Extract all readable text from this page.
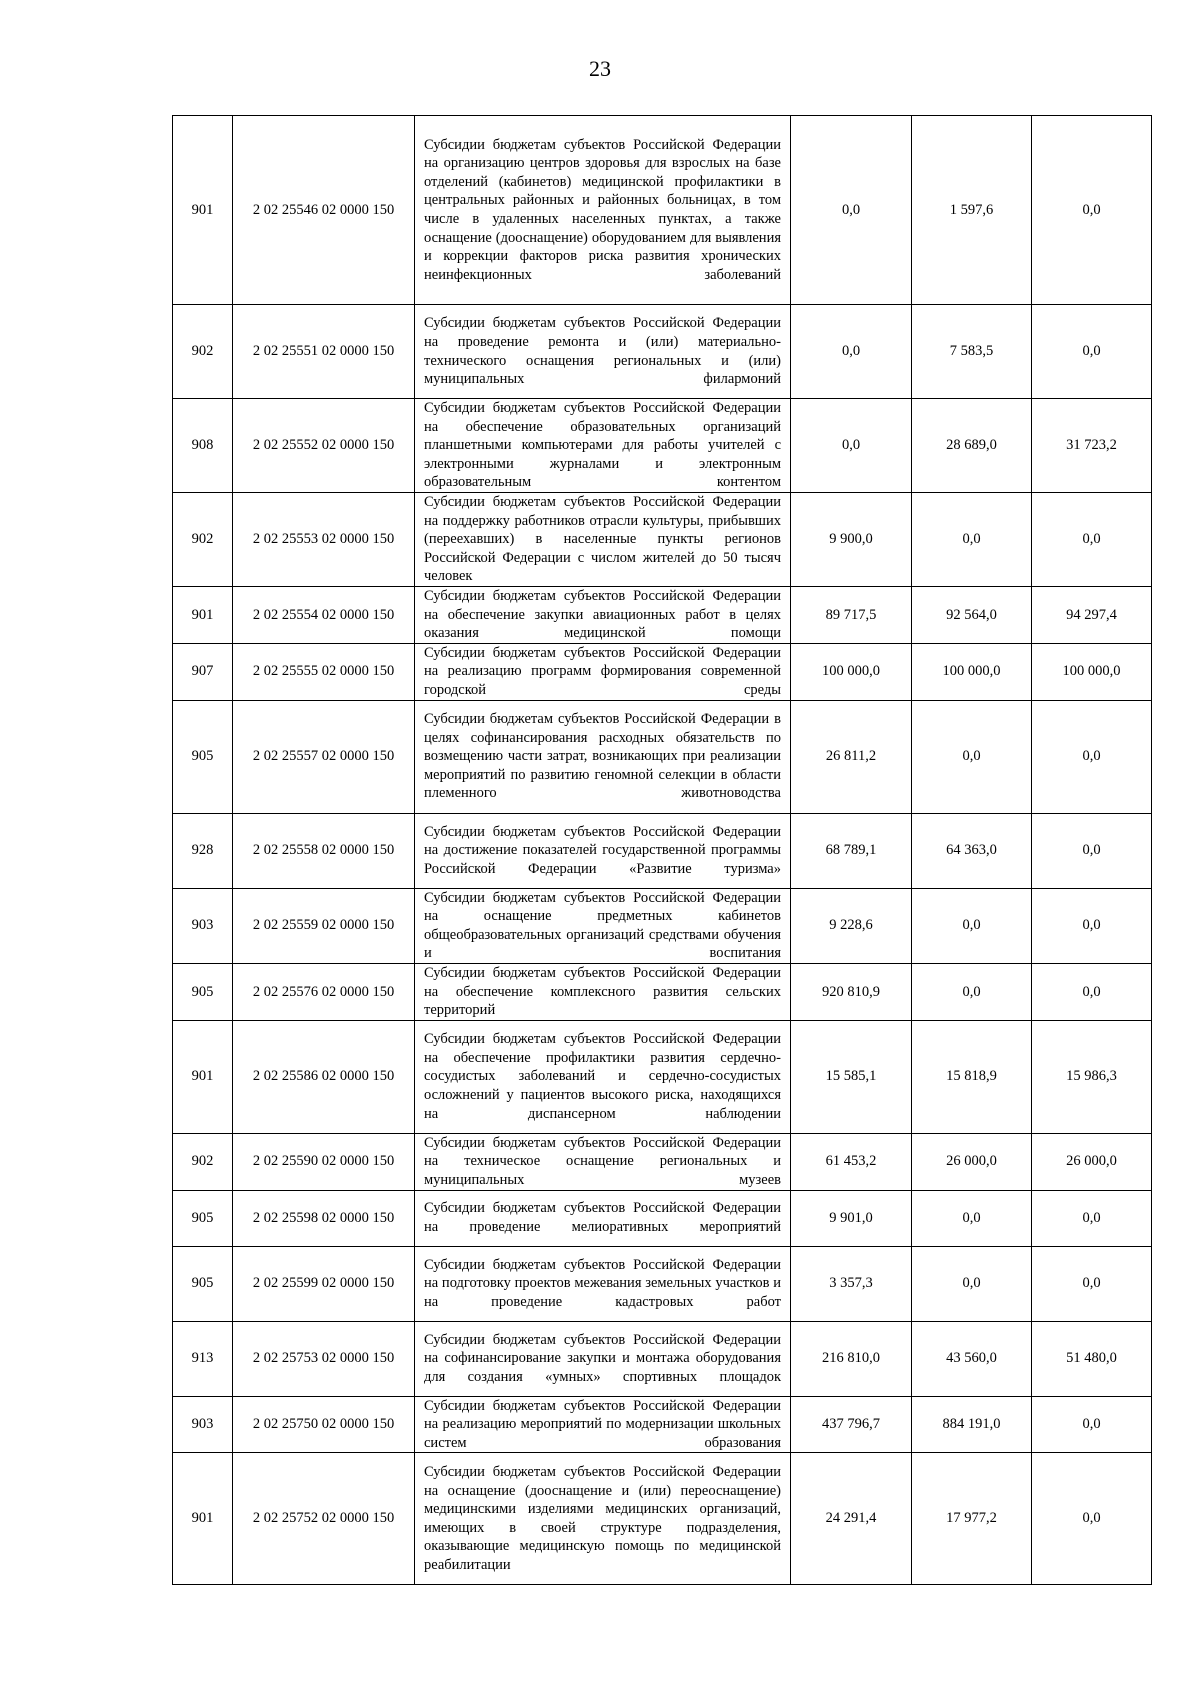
23
901	2 02 25546 02 0000 150	Субсидии бюджетам субъектов Российской Федерации на организацию центров здоровья для взрослых на базе отделений (кабинетов) медицинской профилактики в центральных районных и районных больницах, в том числе в удаленных населенных пунктах, а также оснащение (дооснащение) оборудованием для выявления и коррекции факторов риска развития хронических неинфекционных заболеваний	0,0	1 597,6	0,0
902	2 02 25551 02 0000 150	Субсидии бюджетам субъектов Российской Федерации на проведение ремонта и (или) материально-технического оснащения региональных и (или) муниципальных филармоний	0,0	7 583,5	0,0
908	2 02 25552 02 0000 150	Субсидии бюджетам субъектов Российской Федерации на обеспечение образовательных организаций планшетными компьютерами для работы учителей с электронными журналами и электронным образовательным контентом	0,0	28 689,0	31 723,2
902	2 02 25553 02 0000 150	Субсидии бюджетам субъектов Российской Федерации на поддержку работников отрасли культуры, прибывших (переехавших) в населенные пункты регионов Российской Федерации с числом жителей до 50 тысяч человек	9 900,0	0,0	0,0
901	2 02 25554 02 0000 150	Субсидии бюджетам субъектов Российской Федерации на обеспечение закупки авиационных работ в целях оказания медицинской помощи	89 717,5	92 564,0	94 297,4
907	2 02 25555 02 0000 150	Субсидии бюджетам субъектов Российской Федерации на реализацию программ формирования современной городской среды	100 000,0	100 000,0	100 000,0
905	2 02 25557 02 0000 150	Субсидии бюджетам субъектов Российской Федерации в целях софинансирования расходных обязательств по возмещению части затрат, возникающих при реализации мероприятий по развитию геномной селекции в области племенного животноводства	26 811,2	0,0	0,0
928	2 02 25558 02 0000 150	Субсидии бюджетам субъектов Российской Федерации на достижение показателей государственной программы Российской Федерации «Развитие туризма»	68 789,1	64 363,0	0,0
903	2 02 25559 02 0000 150	Субсидии бюджетам субъектов Российской Федерации на оснащение предметных кабинетов общеобразовательных организаций средствами обучения и воспитания	9 228,6	0,0	0,0
905	2 02 25576 02 0000 150	Субсидии бюджетам субъектов Российской Федерации на обеспечение комплексного развития сельских территорий	920 810,9	0,0	0,0
901	2 02 25586 02 0000 150	Субсидии бюджетам субъектов Российской Федерации на обеспечение профилактики развития сердечно-сосудистых заболеваний и сердечно-сосудистых осложнений у пациентов высокого риска, находящихся на диспансерном наблюдении	15 585,1	15 818,9	15 986,3
902	2 02 25590 02 0000 150	Субсидии бюджетам субъектов Российской Федерации на техническое оснащение региональных и муниципальных музеев	61 453,2	26 000,0	26 000,0
905	2 02 25598 02 0000 150	Субсидии бюджетам субъектов Российской Федерации на проведение мелиоративных мероприятий	9 901,0	0,0	0,0
905	2 02 25599 02 0000 150	Субсидии бюджетам субъектов Российской Федерации на подготовку проектов межевания земельных участков и на проведение кадастровых работ	3 357,3	0,0	0,0
913	2 02 25753 02 0000 150	Субсидии бюджетам субъектов Российской Федерации на софинансирование закупки и монтажа оборудования для создания «умных» спортивных площадок	216 810,0	43 560,0	51 480,0
903	2 02 25750 02 0000 150	Субсидии бюджетам субъектов Российской Федерации на реализацию мероприятий по модернизации школьных систем образования	437 796,7	884 191,0	0,0
901	2 02 25752 02 0000 150	Субсидии бюджетам субъектов Российской Федерации на оснащение (дооснащение и (или) переоснащение) медицинскими изделиями медицинских организаций, имеющих в своей структуре подразделения, оказывающие медицинскую помощь по медицинской реабилитации	24 291,4	17 977,2	0,0
